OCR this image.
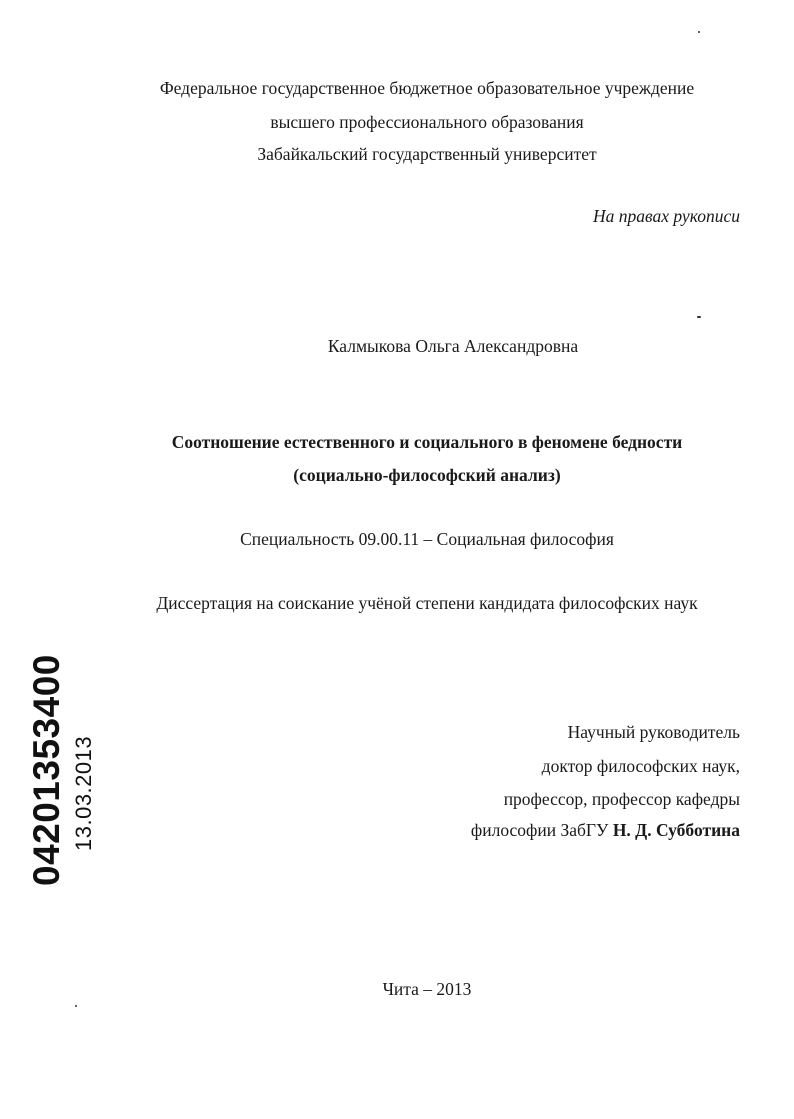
Федеральное государственное бюджетное образовательное учреждение
высшего профессионального образования
Забайкальский государственный университет
На правах рукописи
Калмыкова Ольга Александровна
Соотношение естественного и социального в феномене бедности
(социально-философский анализ)
Специальность 09.00.11 – Социальная философия
Диссертация на соискание учёной степени кандидата философских наук
Научный руководитель
доктор философских наук,
профессор, профессор кафедры
философии ЗабГУ Н. Д. Субботина
Чита – 2013
04201353400 13.03.2013
